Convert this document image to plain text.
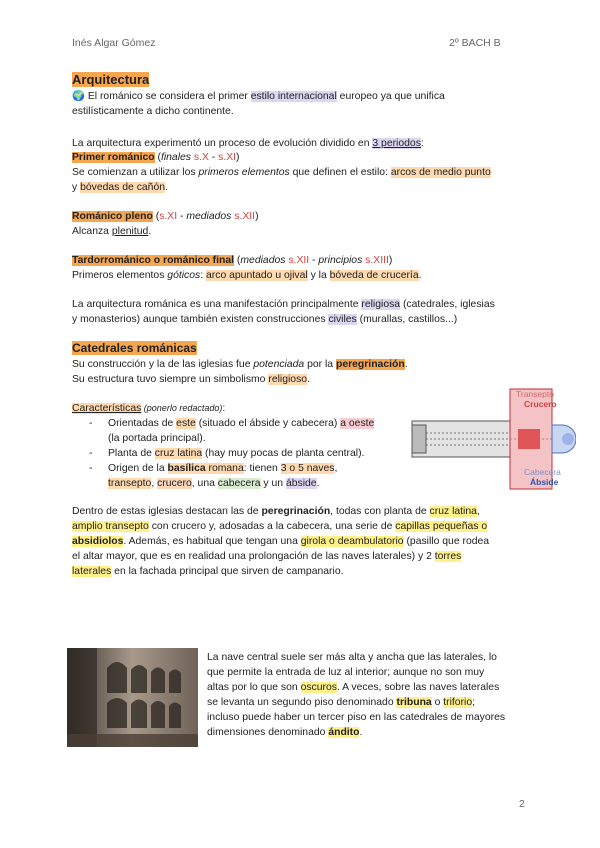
Inés Algar Gómez	2º BACH B
Arquitectura

🌍 El románico se considera el primer estilo internacional europeo ya que unifica

estilísticamente a dicho continente.

La arquitectura experimentó un proceso de evolución dividido en 3 periodos:

Primer románico (finales s.X - s.XI)

Se comienzan a utilizar los primeros elementos que definen el estilo: arcos de medio punto

y bóvedas de cañón.

Románico pleno (s.XI - mediados s.XII)

Alcanza plenitud.

Tardorrománico o románico final (mediados s.XII - principios s.XIII)

Primeros elementos góticos: arco apuntado u ojival y la bóveda de crucería.

La arquitectura románica es una manifestación principalmente religiosa (catedrales, iglesias

y monasterios) aunque también existen construcciones civiles (murallas, castillos...)

Catedrales románicas

Su construcción y la de las iglesias fue potenciada por la peregrinación.

Su estructura tuvo siempre un simbolismo religioso.

Características (ponerlo redactado):

- Orientadas de este (situado el ábside y cabecera) a oeste
(la portada principal).
- Planta de cruz latina (hay muy pocas de planta central).
- Origen de la basílica romana: tienen 3 o 5 naves,
transepto, crucero, una cabecera y un ábside.
Transepto
Crucero
Cabecera
Ábside

Dentro de estas iglesias destacan las de peregrinación, todas con planta de cruz latina,

amplio transepto con crucero y, adosadas a la cabecera, una serie de capillas pequeñas o

absidiolos. Además, es habitual que tengan una girola o deambulatorio (pasillo que rodea

el altar mayor, que es en realidad una prolongación de las naves laterales) y 2 torres

laterales en la fachada principal que sirven de campanario.

La nave central suele ser más alta y ancha que las laterales, lo

que permite la entrada de luz al interior; aunque no son muy

altas por lo que son oscuros. A veces, sobre las naves laterales

se levanta un segundo piso denominado tribuna o triforio;

incluso puede haber un tercer piso en las catedrales de mayores

dimensiones denominado ándito.

2
